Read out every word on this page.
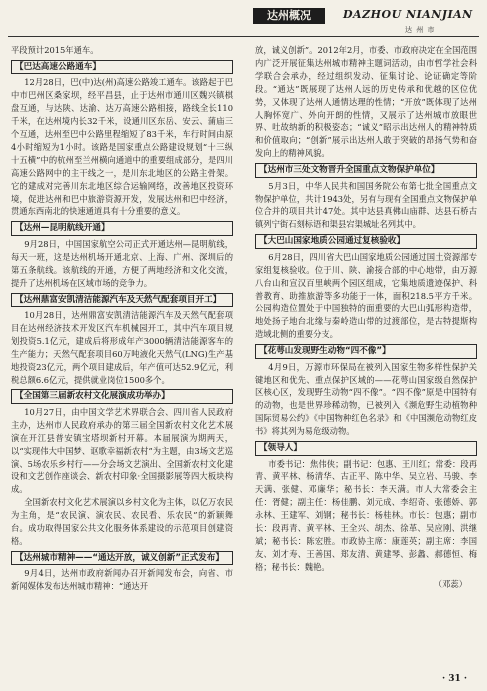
达州概况	DAZHOU NIANJIAN
达 州 市

平段预计2015年通车。

【巴达高速公路通车】

12月28日，巴(中)达(州)高速公路竣工通车。该路起于巴中市巴州区桑家坝，经平昌县，止于达州市通川区魏兴镇棋盘互通，与达陕、达渝、达万高速公路相接，路线全长110千米，在达州境内长32千米，设通川区东岳、安云、蒲庙三个互通，达州至巴中公路里程缩短了83千米，车行时间由原4小时缩短为1小时。该路是国家重点公路建设规划“十三纵十五横”中的杭州至兰州横向通道中的重要组成部分，是四川高速公路网中的主干线之一，是川东北地区的公路主骨架。它的建成对完善川东北地区综合运输网络，改善地区投资环境，促进达州和巴中旅游资源开发，发展达州和巴中经济，贯通东西南北的快速通道具有十分重要的意义。

【达州—昆明航线开通】

9月28日，中国国家航空公司正式开通达州—昆明航线，每天一班，这是达州机场开通北京、上海、广州、深圳后的第五条航线。该航线的开通，方便了两地经济和文化交流，提升了达州机场在区域市场的竞争力。

【达州鼎富安凯清洁能源汽车及天然气配套项目开工】

10月28日，达州鼎富安凯清洁能源汽车及天然气配套项目在达州经济技术开发区汽车机械园开工，其中汽车项目规划投资5.1亿元，建成后将形成年产3000辆清洁能源客车的生产能力；天然气配套项目60万吨液化天然气(LNG)生产基地投资23亿元，两个项目建成后，年产值可达52.9亿元，利税总额6.6亿元，提供就业岗位1500多个。

【全国第三届新农村文化展演成功举办】

10月27日，由中国文学艺术界联合会、四川省人民政府主办，达州市人民政府承办的第三届全国新农村文化艺术展演在开江县普安镇宝塔坝新村开幕。本届展演为期两天，以“实现伟大中国梦、讴歌幸福新农村”为主题，由3场文艺巡演、5场农乐乡村行——分会场文艺演出、全国新农村文化建设和文艺创作座谈会、新农村印象·全国摄影展等四大板块构成。

全国新农村文化艺术展演以乡村文化为主体，以亿万农民为主角，是“农民演、演农民、农民看、乐农民”的新颖舞台。成功取得国家公共文化服务体系建设的示范项目创建资格。

【达州城市精神——“通达开放，诚义创新”正式发布】

9月4日，达州市政府新闻办召开新闻发布会，向省、市新闻媒体发布达州城市精神：“通达开

放，诚义创新”。2012年2月，市委、市政府决定在全国范围内广泛开展征集达州城市精神主题词活动，由市哲学社会科学联合会承办，经过组织发动、征集讨论、论证确定等阶段。“通达”既展现了达州人远的历史传承和优越的区位优势，又体现了达州人通情达理的性情；“开放”既体现了达州人胸怀宽广、外向开朗的性情，又展示了达州城市放眼世界、吐故纳新的积极姿态；“诚义”昭示出达州人的精神特质和价值取向；“创新”展示出达州人敢于突破的昂扬气势和奋发向上的精神风貌。

【达州市三处文物晋升全国重点文物保护单位】

5月3日，中华人民共和国国务院公布第七批全国重点文物保护单位，共计1943处，另有与现有全国重点文物保护单位合并的项目共计47处。其中达县真佛山庙群、达县石桥古镇列宁街石刻标语和渠县宕渠城址名列其中。

【大巴山国家地质公园通过复核验收】

6月28日，四川省大巴山国家地质公园通过国土资源部专家组复核验收。位于川、陕、渝接合部的中心地带，由万源八台山和宣汉百里峡两个园区组成，它集地质遗迹保护、科普教育、助推旅游等多功能于一体，面积218.5平方千米。公园构造位置处于中国独特的面重要的大巴山弧形构造带，地处扬子地台北缘与秦岭造山带的过渡部位，是古特提斯构造域北侧的重要分支。

【花萼山发现野生动物“四不像”】

4月9日，万源市环保局在被列入国家生物多样性保护关键地区和优先、重点保护区域的——花萼山国家级自然保护区核心区，发现野生动物“四不像”。“四不像”原是中国特有的动物，也是世界珍稀动物，已被列入《濒危野生动植物种国际贸易公约》《中国物种红色名录》和《中国濒危动物红皮书》将其列为易危级动物。

【领导人】

市委书记：焦伟侠；副书记：包惠、王川红；常委：段再青、黄平林、杨清华、古正平、陈中华、吴立岩、马骏、李天满、张健、邓廉华；秘书长：李天满。市人大常委会主任：胥健；副主任：杨佳鹏、刘元成、李绍奇、张德娇、郭永林、王建军、刘钢；秘书长：杨桂林。市长：包惠；副市长：段再青、黄平林、王全兴、胡杰、徐革、吴应刚、洪继斌；秘书长：陈宏胜。市政协主席：康莲英；副主席：李国友、刘才寿、王善国、郑友清、黄建琴、彭蠡、郝德恒、梅格；秘书长：魏艳。

（邓蕊）
· 31 ·
